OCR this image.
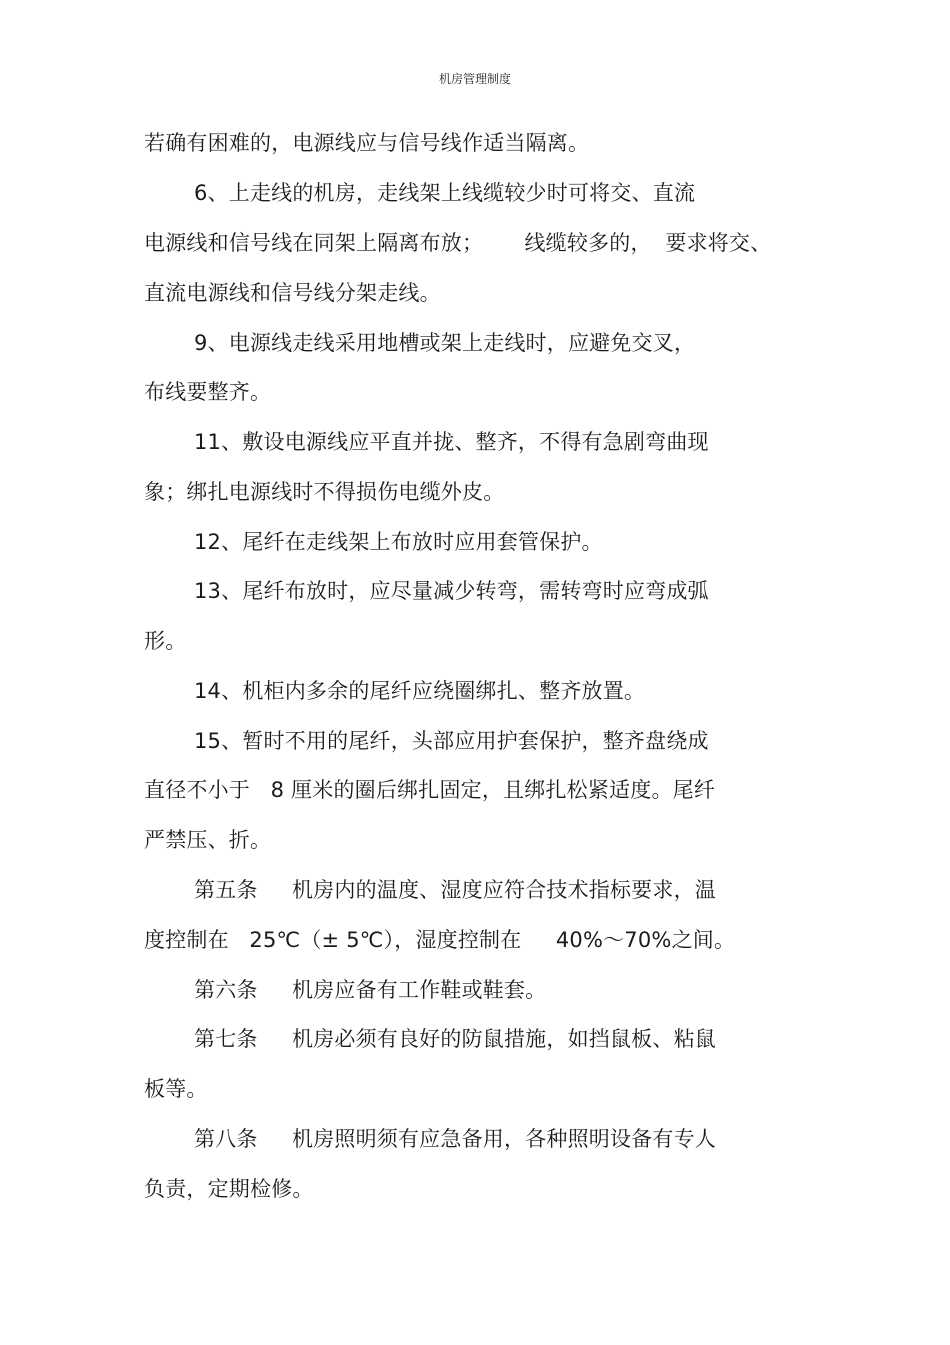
机房管理制度
若确有困难的，电源线应与信号线作适当隔离。
6、上走线的机房，走线架上线缆较少时可将交、直流
电源线和信号线在同架上隔离布放；      线缆较多的，  要求将交、
直流电源线和信号线分架走线。
9、电源线走线采用地槽或架上走线时，应避免交叉，
布线要整齐。
11、敷设电源线应平直并拢、整齐，不得有急剧弯曲现
象；绑扎电源线时不得损伤电缆外皮。
12、尾纤在走线架上布放时应用套管保护。
13、尾纤布放时，应尽量减少转弯，需转弯时应弯成弧
形。
14、机柜内多余的尾纤应绕圈绑扎、整齐放置。
15、暂时不用的尾纤，头部应用护套保护，整齐盘绕成
直径不小于   8 厘米的圈后绑扎固定，且绑扎松紧适度。尾纤
严禁压、折。
第五条     机房内的温度、湿度应符合技术指标要求，温
度控制在   25℃（± 5℃），湿度控制在     40%～70%之间。
第六条     机房应备有工作鞋或鞋套。
第七条     机房必须有良好的防鼠措施，如挡鼠板、粘鼠
板等。
第八条     机房照明须有应急备用，各种照明设备有专人
负责，定期检修。
